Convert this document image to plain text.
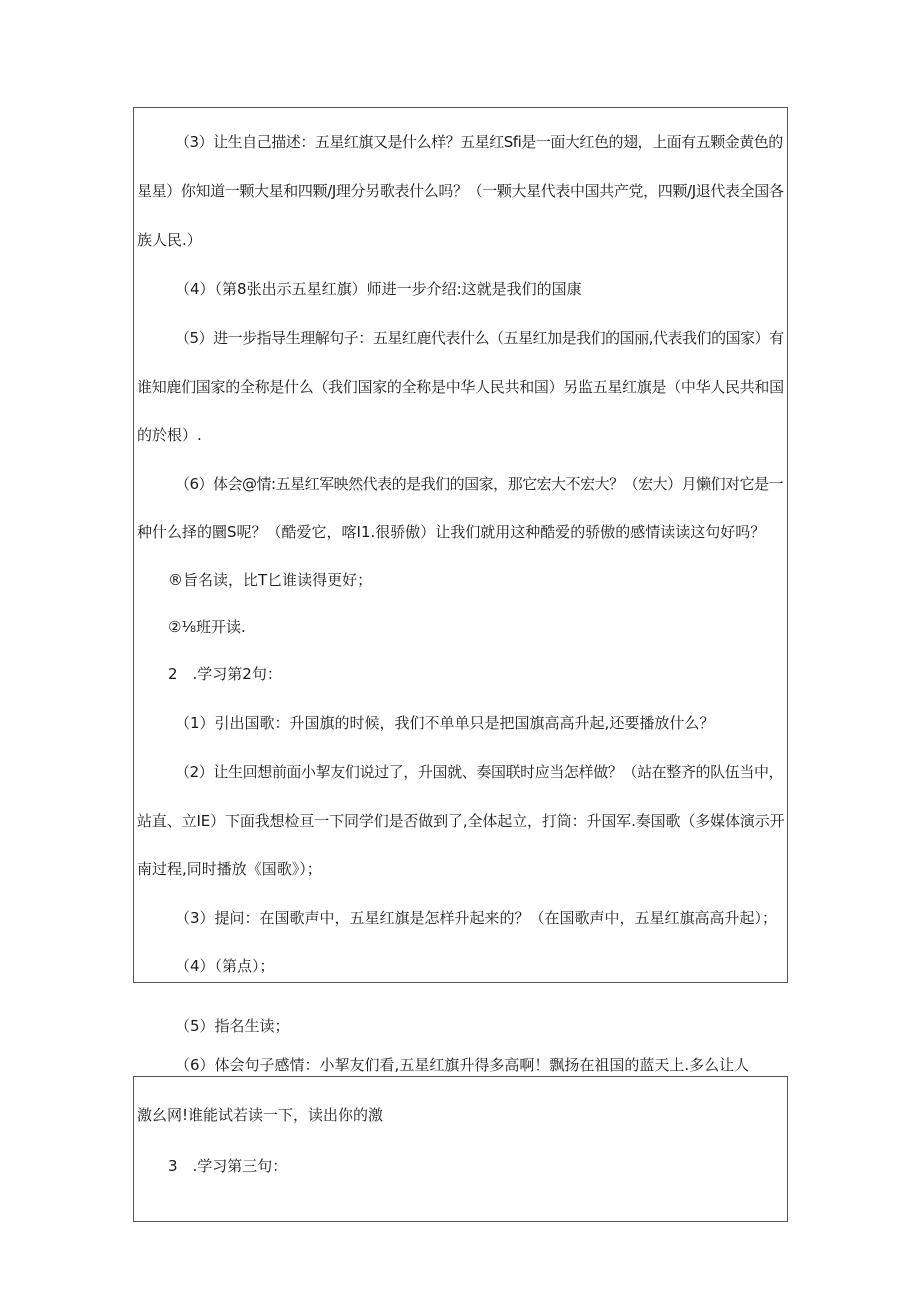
（3）让生自己描述：五星红旗又是什么样？五星红Sfi是一面大红色的翅，上面有五颗金黄色的

星星）你知道一颗大星和四颗/J理分另歌表什么吗？（一颗大星代表中国共产党，四颗/J退代表全国各

族人民.）

（4）（第8张出示五星红旗）师进一步介绍:这就是我们的国康

（5）进一步指导生理解句子：五星红鹿代表什么（五星红加是我们的国丽,代表我们的国家）有

谁知鹿们国家的全称是什么（我们国家的全称是中华人民共和国）另监五星红旗是（中华人民共和国

的於根）.

（6）体会@情:五星红军映然代表的是我们的国家，那它宏大不宏大？（宏大）月懒们对它是一

种什么择的圜S呢？（酷爱它，喀I1.很骄傲）让我们就用这种酷爱的骄傲的感情读读这句好吗？

®旨名读，比T匕谁读得更好；

②⅛班开读.

2　.学习第2句：

（1）引出国歌：升国旗的时候，我们不单单只是把国旗高高升起,还要播放什么？

（2）让生回想前面小挈友们说过了，升国就、奏国联时应当怎样做？（站在整齐的队伍当中，

站直、立IE）下面我想检亘一下同学们是否做到了,全体起立，打筒：升国军.奏国歌（多媒体演示开

南过程,同时播放《国歌》）；

（3）提问：在国歌声中，五星红旗是怎样升起来的？（在国歌声中，五星红旗高高升起）；

（4）（第点）；

（5）指名生读；

（6）体会句子感情：小挈友们看,五星红旗升得多高啊！飘扬在祖国的蓝天上.多么让人

激幺网!谁能试若读一下，读出你的激

3　.学习第三句：
